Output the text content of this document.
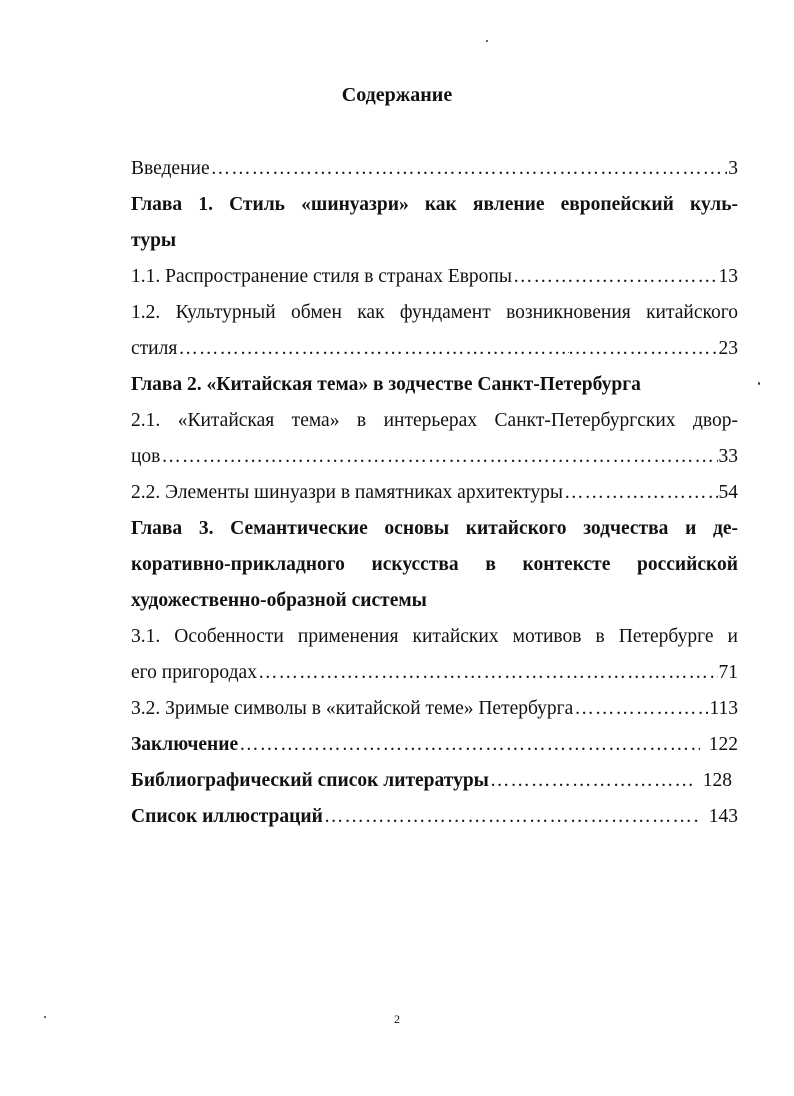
Содержание
Введение ……………………………………………………………………………………………………………………………………	3
Глава 1. Стиль «шинуазри» как явление европейский куль-
туры
1.1. Распространение стиля в странах Европы ……………………………………………………………………………………………………………………………………	13
1.2. Культурный обмен как фундамент возникновения китайского
стиля ……………………………………………………………………………………………………………………………………	23
Глава 2. «Китайская тема» в зодчестве Санкт-Петербурга
2.1. «Китайская тема» в интерьерах Санкт-Петербургских двор-
цов ……………………………………………………………………………………………………………………………………	33
2.2. Элементы шинуазри в памятниках архитектуры ……………………………………………………………………………………………………………………………………	54
Глава 3. Семантические основы китайского зодчества и де-
коративно-прикладного искусства в контексте российской
художественно-образной системы
3.1. Особенности применения китайских мотивов в Петербурге и
его пригородах ……………………………………………………………………………………………………………………………………	71
3.2. Зримые символы в «китайской теме» Петербурга ……………………………………………………………………………………………………………………………………	113
Заключение ……………………………………………………………………………………………………………………………………	122
Библиографический список литературы ……………………………………………………………………………………………………………………………………	128
Список иллюстраций ……………………………………………………………………………………………………………………………………	143
2
